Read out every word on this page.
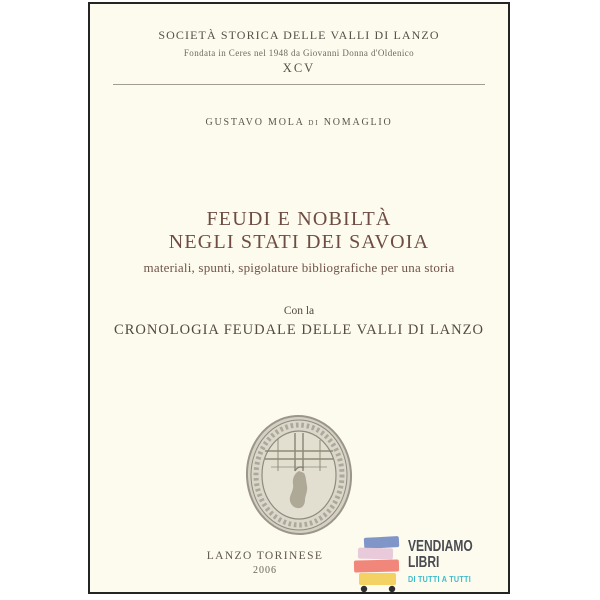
SOCIETÀ STORICA DELLE VALLI DI LANZO
Fondata in Ceres nel 1948 da Giovanni Donna d'Oldenico
XCV
GUSTAVO MOLA di NOMAGLIO
FEUDI E NOBILTÀ
NEGLI STATI DEI SAVOIA
materiali, spunti, spigolature bibliografiche per una storia
Con la
CRONOLOGIA FEUDALE DELLE VALLI DI LANZO
LANZO TORINESE
2006
VENDIAMO
LIBRI
DI TUTTI A TUTTI
